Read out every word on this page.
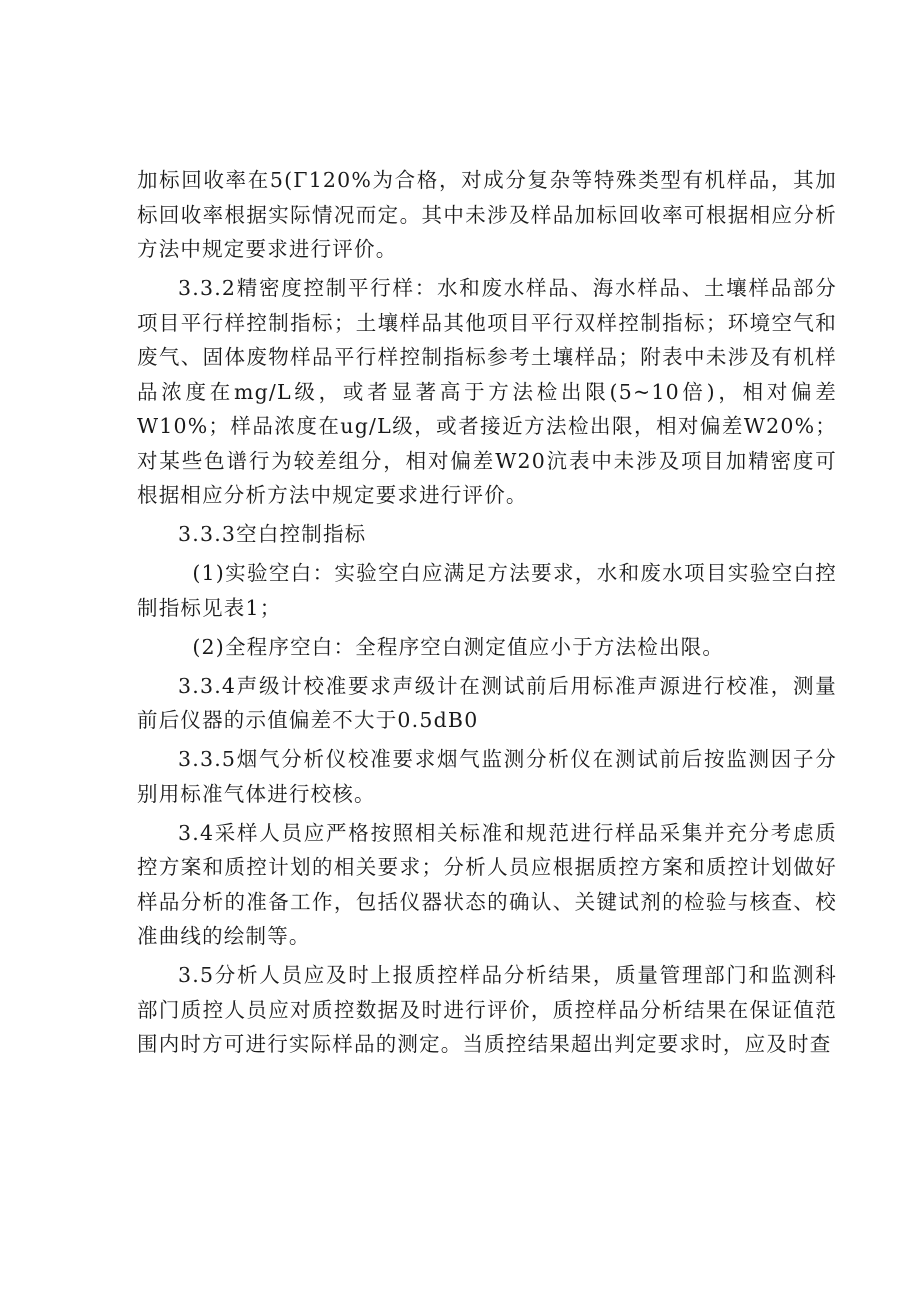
加标回收率在5(Γ120%为合格，对成分复杂等特殊类型有机样品，其加标回收率根据实际情况而定。其中未涉及样品加标回收率可根据相应分析方法中规定要求进行评价。

3.3.2精密度控制平行样：水和废水样品、海水样品、土壤样品部分项目平行样控制指标；土壤样品其他项目平行双样控制指标；环境空气和废气、固体废物样品平行样控制指标参考土壤样品；附表中未涉及有机样品浓度在mg/L级，或者显著高于方法检出限(5~10倍)，相对偏差W10%；样品浓度在ug/L级，或者接近方法检出限，相对偏差W20%；对某些色谱行为较差组分，相对偏差W20沆表中未涉及项目加精密度可根据相应分析方法中规定要求进行评价。

3.3.3空白控制指标

(1)实验空白：实验空白应满足方法要求，水和废水项目实验空白控制指标见表1；

(2)全程序空白：全程序空白测定值应小于方法检出限。

3.3.4声级计校准要求声级计在测试前后用标准声源进行校准，测量前后仪器的示值偏差不大于0.5dB0

3.3.5烟气分析仪校准要求烟气监测分析仪在测试前后按监测因子分别用标准气体进行校核。

3.4采样人员应严格按照相关标准和规范进行样品采集并充分考虑质控方案和质控计划的相关要求；分析人员应根据质控方案和质控计划做好样品分析的准备工作，包括仪器状态的确认、关键试剂的检验与核查、校准曲线的绘制等。

3.5分析人员应及时上报质控样品分析结果，质量管理部门和监测科部门质控人员应对质控数据及时进行评价，质控样品分析结果在保证值范围内时方可进行实际样品的测定。当质控结果超出判定要求时，应及时查
